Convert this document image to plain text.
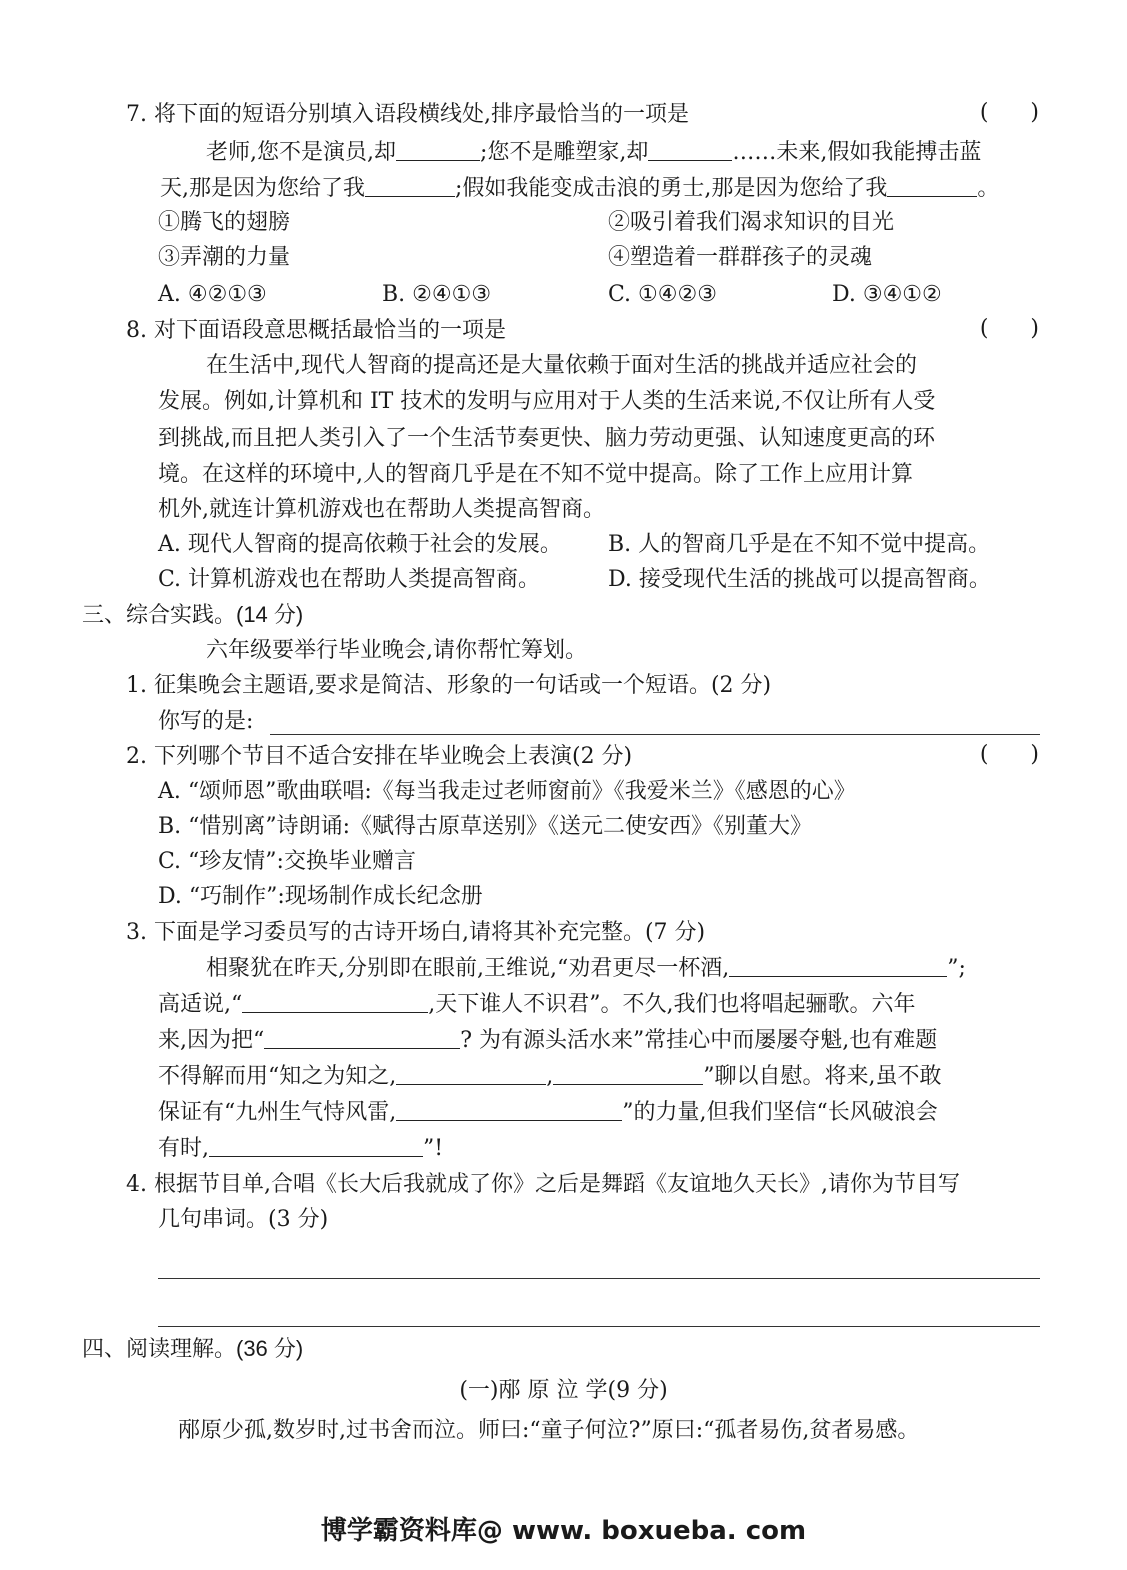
7. 将下面的短语分别填入语段横线处,排序最恰当的一项是	(      )
老师,您不是演员,却	;您不是雕塑家,却	……未来,假如我能搏击蓝
天,那是因为您给了我	;假如我能变成击浪的勇士,那是因为您给了我	。
①腾飞的翅膀	②吸引着我们渴求知识的目光
③弄潮的力量	④塑造着一群群孩子的灵魂
A. ④②①③	B. ②④①③	C. ①④②③	D. ③④①②
8. 对下面语段意思概括最恰当的一项是	(      )
在生活中,现代人智商的提高还是大量依赖于面对生活的挑战并适应社会的
发展。例如,计算机和 IT 技术的发明与应用对于人类的生活来说,不仅让所有人受
到挑战,而且把人类引入了一个生活节奏更快、脑力劳动更强、认知速度更高的环
境。在这样的环境中,人的智商几乎是在不知不觉中提高。除了工作上应用计算
机外,就连计算机游戏也在帮助人类提高智商。
A. 现代人智商的提高依赖于社会的发展。 B. 人的智商几乎是在不知不觉中提高。
C. 计算机游戏也在帮助人类提高智商。	D. 接受现代生活的挑战可以提高智商。
三、综合实践。(14 分)
六年级要举行毕业晚会,请你帮忙筹划。
1. 征集晚会主题语,要求是简洁、形象的一句话或一个短语。(2 分)
你写的是:
2. 下列哪个节目不适合安排在毕业晚会上表演(2 分)	(      )
A. “颂师恩”歌曲联唱:《每当我走过老师窗前》《我爱米兰》《感恩的心》
B. “惜别离”诗朗诵:《赋得古原草送别》《送元二使安西》《别董大》
C. “珍友情”:交换毕业赠言
D. “巧制作”:现场制作成长纪念册
3. 下面是学习委员写的古诗开场白,请将其补充完整。(7 分)
相聚犹在昨天,分别即在眼前,王维说,“劝君更尽一杯酒,	”;
高适说,“	,天下谁人不识君”。不久,我们也将唱起骊歌。六年
来,因为把“	? 为有源头活水来”常挂心中而屡屡夺魁,也有难题
不得解而用“知之为知之,	,	”聊以自慰。将来,虽不敢
保证有“九州生气恃风雷,	”的力量,但我们坚信“长风破浪会
有时,	”!
4. 根据节目单,合唱《长大后我就成了你》之后是舞蹈《友谊地久天长》,请你为节目写
几句串词。(3 分)
四、阅读理解。(36 分)
(一)邴 原 泣 学(9 分)
邴原少孤,数岁时,过书舍而泣。师曰:“童子何泣?”原曰:“孤者易伤,贫者易感。
博学霸资料库@ www. boxueba. com
